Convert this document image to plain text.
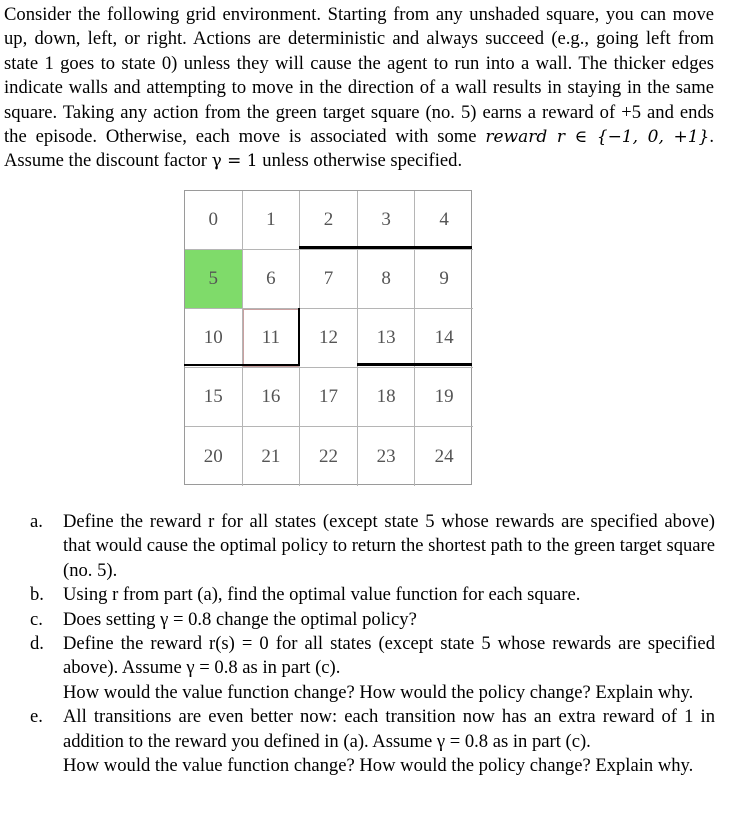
Consider the following grid environment. Starting from any unshaded square, you can move up, down, left, or right. Actions are deterministic and always succeed (e.g., going left from state 1 goes to state 0) unless they will cause the agent to run into a wall. The thicker edges indicate walls and attempting to move in the direction of a wall results in staying in the same square. Taking any action from the green target square (no. 5) earns a reward of +5 and ends the episode. Otherwise, each move is associated with some reward r ∈ {−1, 0, +1}. Assume the discount factor γ = 1 unless otherwise specified.

0	1	2	3	4
5	6	7	8	9
10	11	12	13	14
15	16	17	18	19
20	21	22	23	24
a.	Define the reward r for all states (except state 5 whose rewards are specified above) that would cause the optimal policy to return the shortest path to the green target square (no. 5).

b.	Using r from part (a), find the optimal value function for each square.

c.	Does setting γ = 0.8 change the optimal policy?

d.	Define the reward r(s) = 0 for all states (except state 5 whose rewards are specified above). Assume γ = 0.8 as in part (c).

How would the value function change? How would the policy change? Explain why.

e.	All transitions are even better now: each transition now has an extra reward of 1 in addition to the reward you defined in (a). Assume γ = 0.8 as in part (c).

How would the value function change? How would the policy change? Explain why.
